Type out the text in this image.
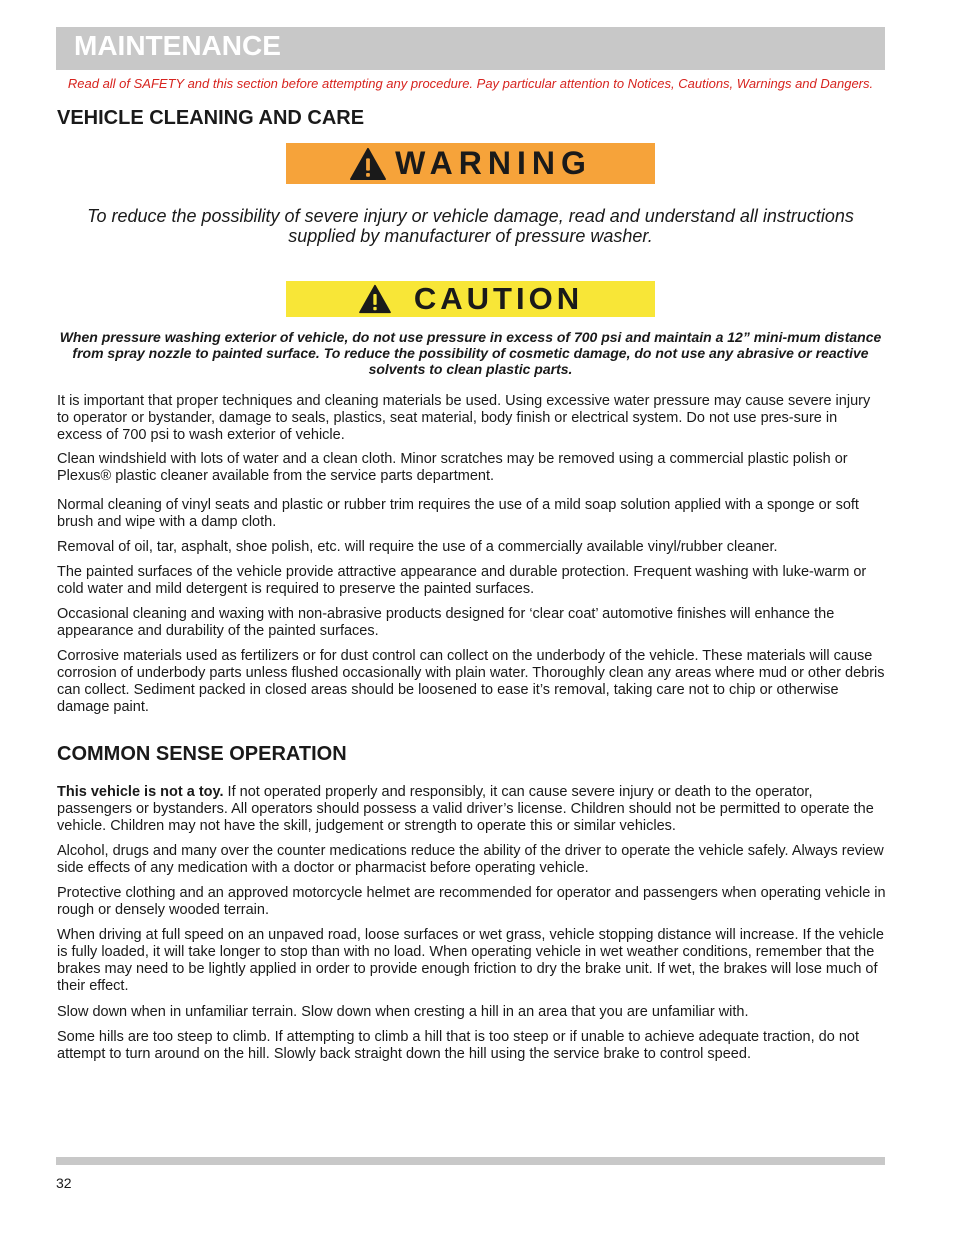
MAINTENANCE
Read all of SAFETY and this section before attempting any procedure. Pay particular attention to Notices, Cautions, Warnings and Dangers.
VEHICLE CLEANING AND CARE
WARNING

To reduce the possibility of severe injury or vehicle damage, read and understand all instructions supplied by manufacturer of pressure washer.

CAUTION

When pressure washing exterior of vehicle, do not use pressure in excess of 700 psi and maintain a 12” mini-mum distance from spray nozzle to painted surface. To reduce the possibility of cosmetic damage, do not use any abrasive or reactive solvents to clean plastic parts.

It is important that proper techniques and cleaning materials be used. Using excessive water pressure may cause severe injury to operator or bystander, damage to seals, plastics, seat material, body finish or electrical system. Do not use pres-sure in excess of 700 psi to wash exterior of vehicle.

Clean windshield with lots of water and a clean cloth. Minor scratches may be removed using a commercial plastic polish or Plexus® plastic cleaner available from the service parts department.

Normal cleaning of vinyl seats and plastic or rubber trim requires the use of a mild soap solution applied with a sponge or soft brush and wipe with a damp cloth.

Removal of oil, tar, asphalt, shoe polish, etc. will require the use of a commercially available vinyl/rubber cleaner.

The painted surfaces of the vehicle provide attractive appearance and durable protection. Frequent washing with luke-warm or cold water and mild detergent is required to preserve the painted surfaces.

Occasional cleaning and waxing with non-abrasive products designed for ‘clear coat’ automotive finishes will enhance the appearance and durability of the painted surfaces.

Corrosive materials used as fertilizers or for dust control can collect on the underbody of the vehicle. These materials will cause corrosion of underbody parts unless flushed occasionally with plain water. Thoroughly clean any areas where mud or other debris can collect. Sediment packed in closed areas should be loosened to ease it’s removal, taking care not to chip or otherwise damage paint.

COMMON SENSE OPERATION

This vehicle is not a toy. If not operated properly and responsibly, it can cause severe injury or death to the operator, passengers or bystanders. All operators should possess a valid driver’s license. Children should not be permitted to operate the vehicle. Children may not have the skill, judgement or strength to operate this or similar vehicles.

Alcohol, drugs and many over the counter medications reduce the ability of the driver to operate the vehicle safely. Always review side effects of any medication with a doctor or pharmacist before operating vehicle.

Protective clothing and an approved motorcycle helmet are recommended for operator and passengers when operating vehicle in rough or densely wooded terrain.

When driving at full speed on an unpaved road, loose surfaces or wet grass, vehicle stopping distance will increase. If the vehicle is fully loaded, it will take longer to stop than with no load. When operating vehicle in wet weather conditions, remember that the brakes may need to be lightly applied in order to provide enough friction to dry the brake unit. If wet, the brakes will lose much of their effect.

Slow down when in unfamiliar terrain. Slow down when cresting a hill in an area that you are unfamiliar with.

Some hills are too steep to climb. If attempting to climb a hill that is too steep or if unable to achieve adequate traction, do not attempt to turn around on the hill. Slowly back straight down the hill using the service brake to control speed.

32
